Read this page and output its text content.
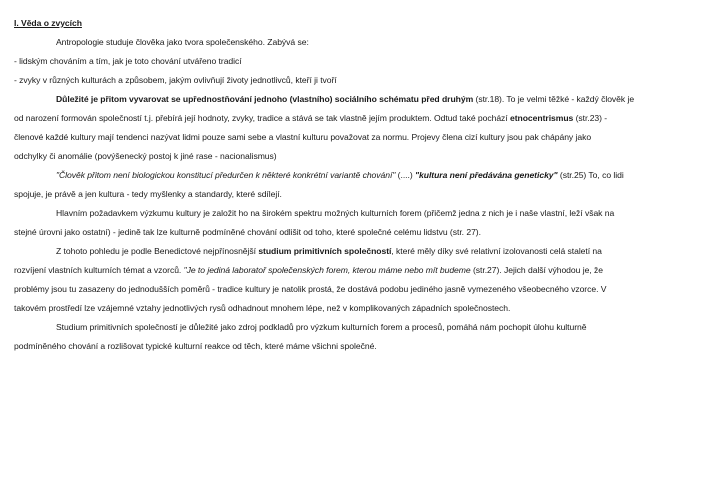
I. Věda o zvycích
Antropologie studuje člověka jako tvora společenského. Zabývá se:
- lidským chováním a tím, jak je toto chování utvářeno tradicí
- zvyky v různých kulturách a způsobem, jakým ovlivňují životy jednotlivců, kteří ji tvoří
Důležité je přitom vyvarovat se upřednostňování jednoho (vlastního) sociálního schématu před druhým (str.18). To je velmi těžké - každý člověk je
od narození formován společností t.j. přebírá její hodnoty, zvyky, tradice a stává se tak vlastně jejím produktem. Odtud také pochází etnocentrismus (str.23) -
členové každé kultury mají tendenci nazývat lidmi pouze sami sebe a vlastní kulturu považovat za normu. Projevy člena cizí kultury jsou pak chápány jako
odchylky či anomálie (povýšenecký postoj k jiné rase - nacionalismus)
"Člověk přitom není biologickou konstitucí předurčen k některé konkrétní variantě chování" (....) "kultura není předávána geneticky" (str.25) To, co lidi
spojuje, je právě a jen kultura - tedy myšlenky a standardy, které sdílejí.
Hlavním požadavkem výzkumu kultury je založit ho na širokém spektru možných kulturních forem (přičemž jedna z nich je i naše vlastní, leží však na
stejné úrovni jako ostatní) - jedině tak lze kulturně podmíněné chování odlišit od toho, které společné celému lidstvu (str. 27).
Z tohoto pohledu je podle Benedictové nejpřínosnější studium primitivních společností, které měly díky své relativní izolovanosti celá staletí na
rozvíjení vlastních kulturních témat a vzorců. "Je to jediná laboratoř společenských forem, kterou máme nebo mít budeme (str.27). Jejich další výhodou je, že
problémy jsou tu zasazeny do jednodušších poměrů - tradice kultury je natolik prostá, že dostává podobu jediného jasně vymezeného všeobecného vzorce. V
takovém prostředí lze vzájemné vztahy jednotlivých rysů odhadnout mnohem lépe, než v komplikovaných západních společnostech.
Studium primitivních společností je důležité jako zdroj podkladů pro výzkum kulturních forem a procesů, pomáhá nám pochopit úlohu kulturně
podmíněného chování a rozlišovat typické kulturní reakce od těch, které máme všichni společné.
